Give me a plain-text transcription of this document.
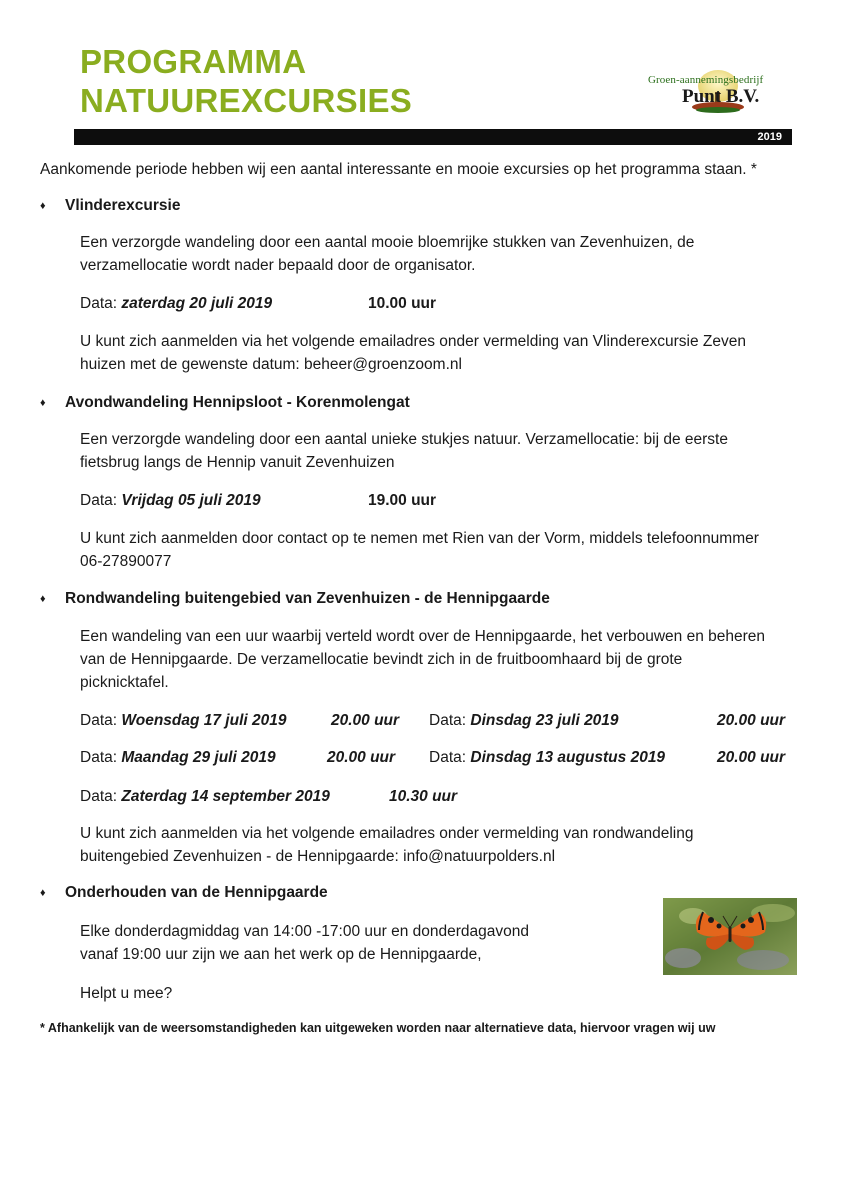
PROGRAMMA
NATUUREXCURSIES
Groen-aannemingsbedrijf
Punt B.V.
2019
Aankomende periode hebben wij een aantal interessante en mooie excursies op het programma staan. *
♦ Vlinderexcursie
Een verzorgde wandeling door een aantal mooie bloemrijke stukken van Zevenhuizen, de
verzamellocatie wordt nader bepaald door de organisator.
Data: zaterdag 20 juli 2019	10.00 uur
U kunt zich aanmelden via het volgende emailadres onder vermelding van Vlinderexcursie Zeven
huizen met de gewenste datum: beheer@groenzoom.nl
♦ Avondwandeling Hennipsloot - Korenmolengat
Een verzorgde wandeling door een aantal unieke stukjes natuur. Verzamellocatie: bij de eerste
fietsbrug langs de Hennip vanuit Zevenhuizen
Data: Vrijdag 05 juli 2019	19.00 uur
U kunt zich aanmelden door contact op te nemen met Rien van der Vorm, middels telefoonnummer
06-27890077
♦ Rondwandeling buitengebied van Zevenhuizen - de Hennipgaarde
Een wandeling van een uur waarbij verteld wordt over de Hennipgaarde, het verbouwen en beheren
van de Hennipgaarde. De verzamellocatie bevindt zich in de fruitboomhaard bij de grote
picknicktafel.
Data: Woensdag 17 juli 2019	20.00 uur Data: Dinsdag 23 juli 2019	20.00 uur
Data: Maandag 29 juli 2019	20.00 uur Data: Dinsdag 13 augustus 2019	20.00 uur
Data: Zaterdag 14 september 2019	10.30 uur
U kunt zich aanmelden via het volgende emailadres onder vermelding van rondwandeling
buitengebied Zevenhuizen - de Hennipgaarde: info@natuurpolders.nl
♦ Onderhouden van de Hennipgaarde
Elke donderdagmiddag van 14:00 -17:00 uur en donderdagavond
vanaf 19:00 uur zijn we aan het werk op de Hennipgaarde,
Helpt u mee?
* Afhankelijk van de weersomstandigheden kan uitgeweken worden naar alternatieve data, hiervoor vragen wij uw
